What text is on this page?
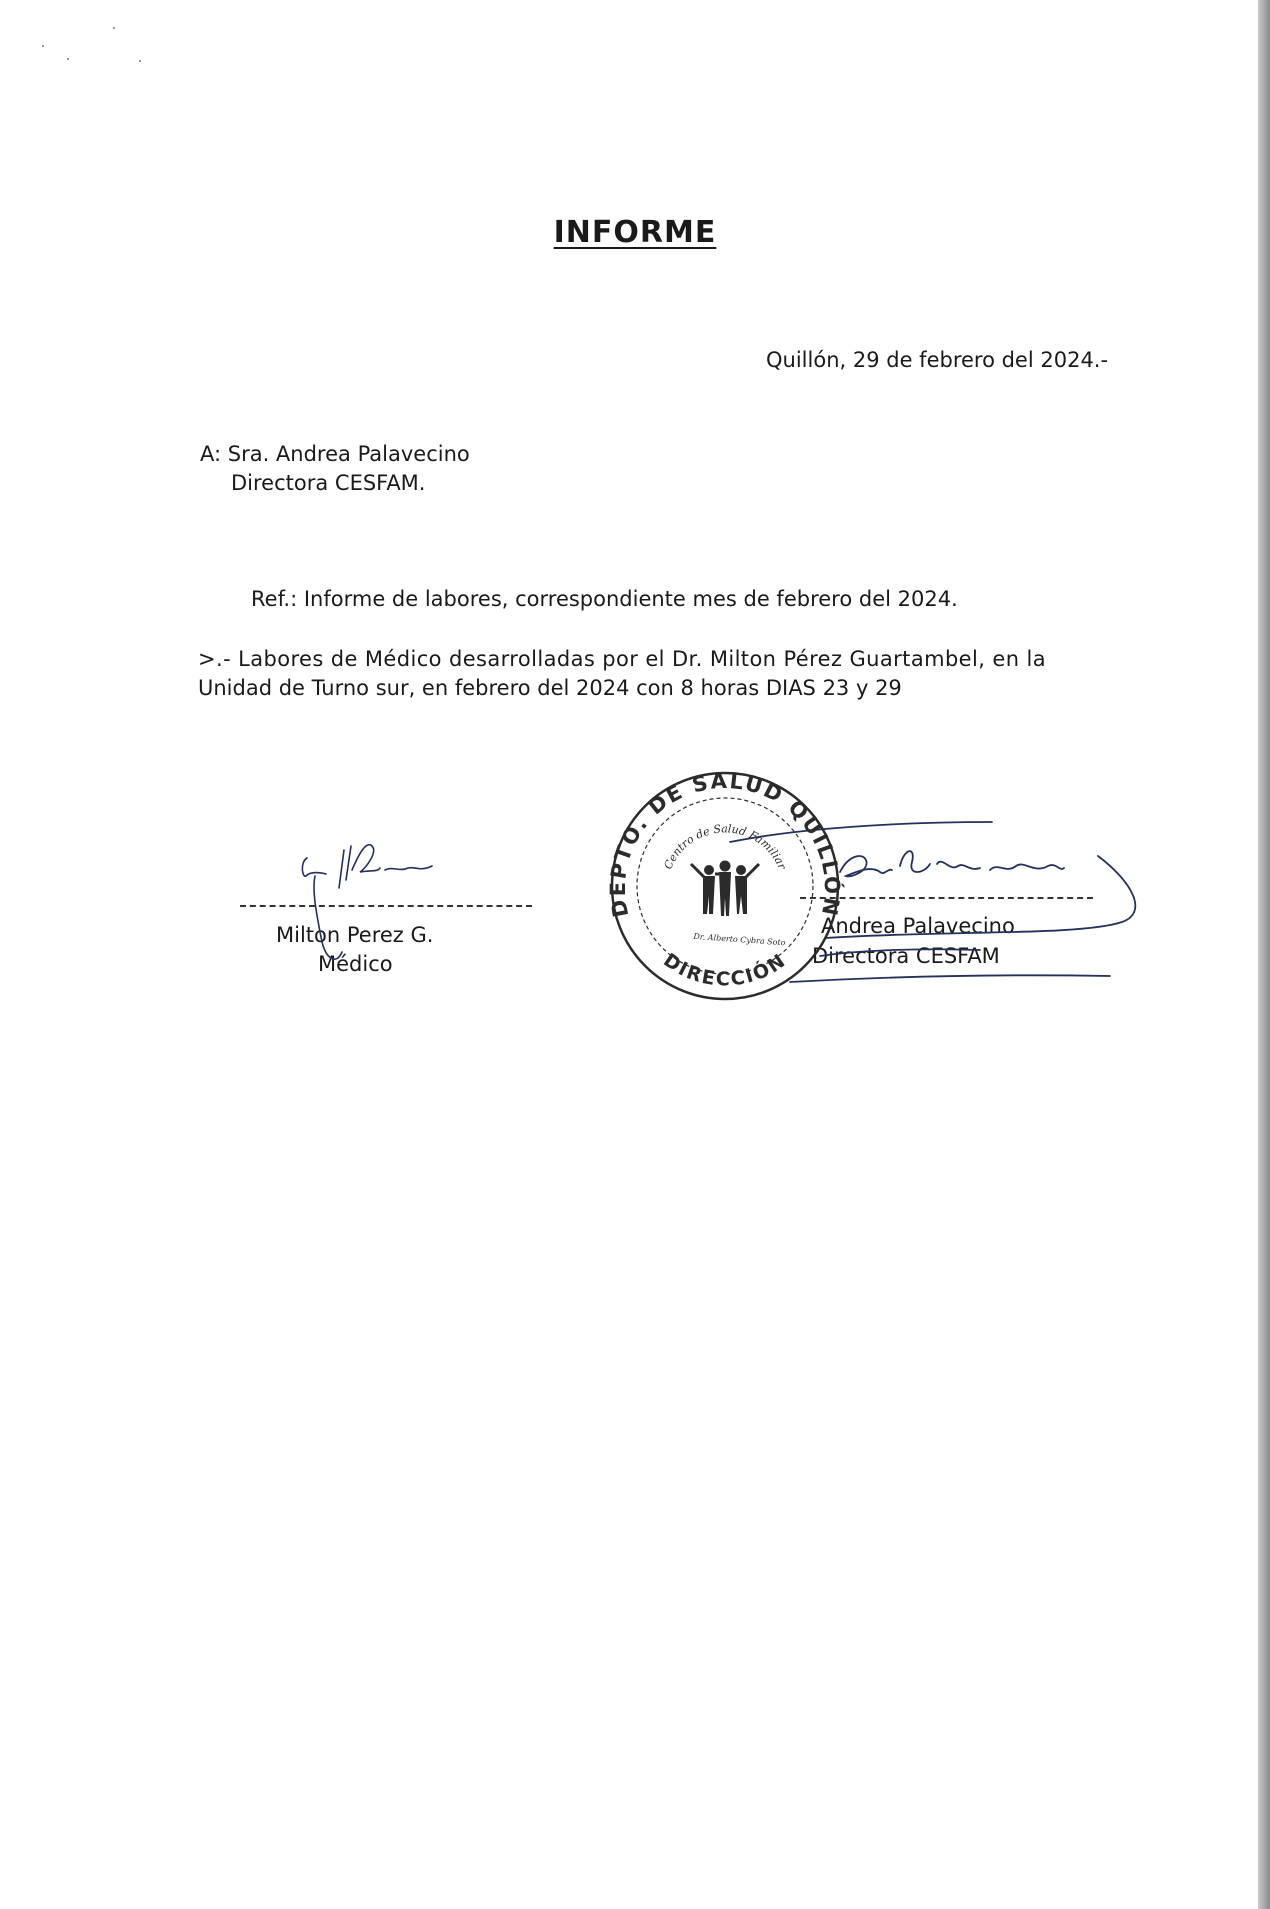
INFORME
Quillón, 29 de febrero del 2024.-
A: Sra. Andrea Palavecino
Directora CESFAM.
Ref.: Informe de labores, correspondiente mes de febrero del 2024.
>.- Labores de Médico desarrolladas por el Dr. Milton Pérez Guartambel, en la
Unidad de Turno sur, en febrero del 2024 con 8 horas DIAS 23 y 29
Milton Perez G.
Médico
Andrea Palavecino
Directora CESFAM
DEPTO. DE SALUD QUILLÓN
DIRECCIÓN
Centro de Salud Familiar
Dr. Alberto Cybra Soto
